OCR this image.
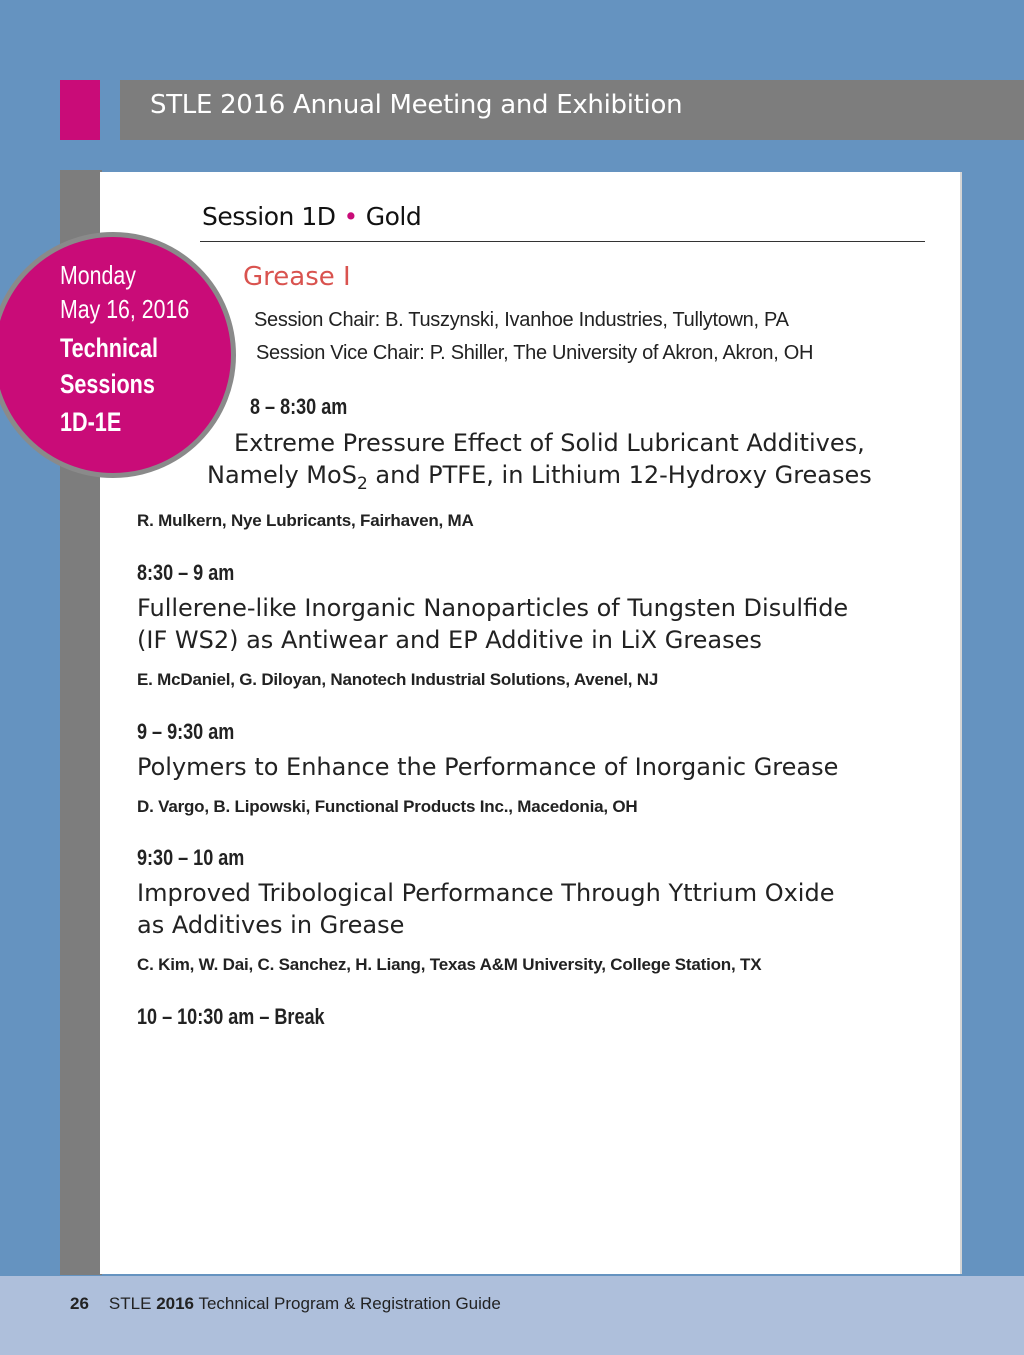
STLE 2016 Annual Meeting and Exhibition
Session 1D • Gold
Monday
May 16, 2016
Technical
Sessions
1D-1E
Grease I
Session Chair: B. Tuszynski, Ivanhoe Industries, Tullytown, PA
Session Vice Chair: P. Shiller, The University of Akron, Akron, OH
8 – 8:30 am
Extreme Pressure Effect of Solid Lubricant Additives,
Namely MoS$_2$ and PTFE, in Lithium 12-Hydroxy Greases
R. Mulkern, Nye Lubricants, Fairhaven, MA
8:30 – 9 am
Fullerene-like Inorganic Nanoparticles of Tungsten Disulfide
(IF WS2) as Antiwear and EP Additive in LiX Greases
E. McDaniel, G. Diloyan, Nanotech Industrial Solutions, Avenel, NJ
9 – 9:30 am
Polymers to Enhance the Performance of Inorganic Grease
D. Vargo, B. Lipowski, Functional Products Inc., Macedonia, OH
9:30 – 10 am
Improved Tribological Performance Through Yttrium Oxide
as Additives in Grease
C. Kim, W. Dai, C. Sanchez, H. Liang, Texas A&M University, College Station, TX
10 – 10:30 am – Break
26 STLE 2016 Technical Program & Registration Guide
